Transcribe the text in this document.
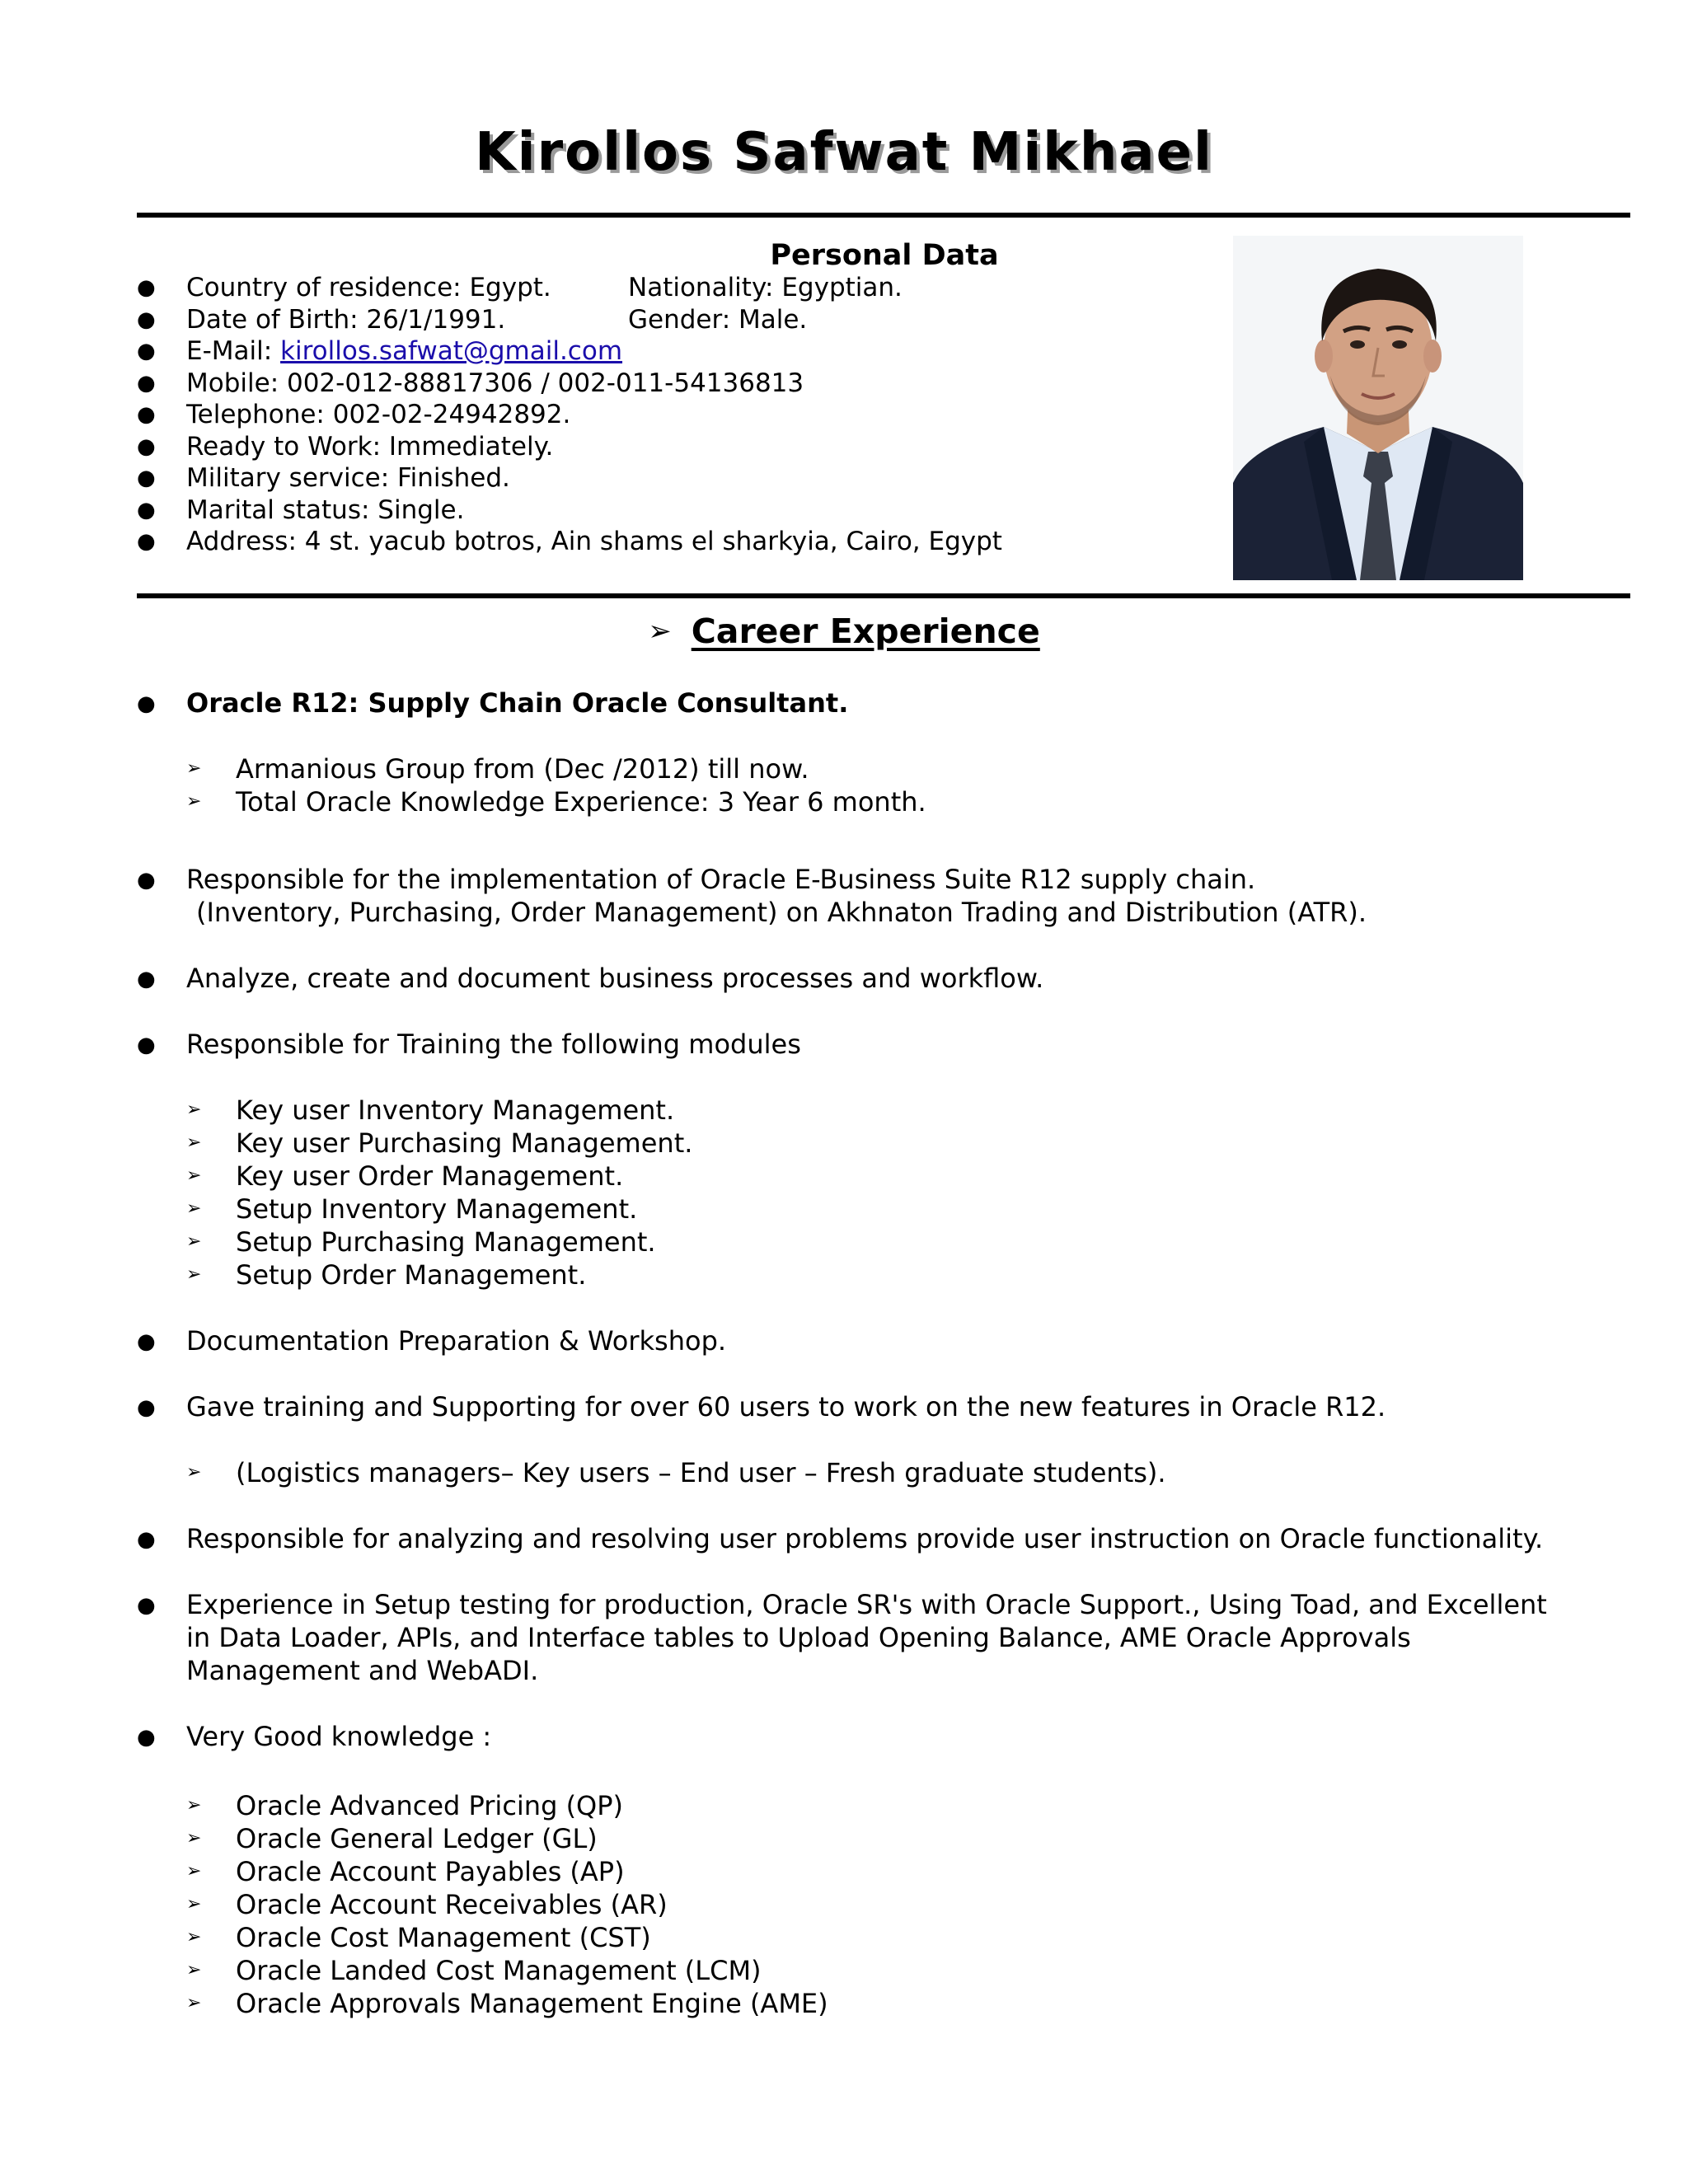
Kirollos Safwat Mikhael
Personal Data
● Country of residence: Egypt.	Nationality: Egyptian.
● Date of Birth: 26/1/1991.	Gender: Male.
● E-Mail: kirollos.safwat@gmail.com
● Mobile: 002-012-88817306 / 002-011-54136813
● Telephone: 002-02-24942892.
● Ready to Work: Immediately.
● Military service: Finished.
● Marital status: Single.
● Address: 4 st. yacub botros, Ain shams el sharkyia, Cairo, Egypt
➢ Career Experience
● Oracle R12: Supply Chain Oracle Consultant.
➢ Armanious Group from (Dec /2012) till now.
➢ Total Oracle Knowledge Experience: 3 Year 6 month.
● Responsible for the implementation of Oracle E-Business Suite R12 supply chain.
(Inventory, Purchasing, Order Management) on Akhnaton Trading and Distribution (ATR).
● Analyze, create and document business processes and workflow.
● Responsible for Training the following modules
➢ Key user Inventory Management.
➢ Key user Purchasing Management.
➢ Key user Order Management.
➢ Setup Inventory Management.
➢ Setup Purchasing Management.
➢ Setup Order Management.
● Documentation Preparation & Workshop.
● Gave training and Supporting for over 60 users to work on the new features in Oracle R12.
➢ (Logistics managers– Key users – End user – Fresh graduate students).
● Responsible for analyzing and resolving user problems provide user instruction on Oracle functionality.
● Experience in Setup testing for production, Oracle SR's with Oracle Support., Using Toad, and Excellent
in Data Loader, APIs, and Interface tables to Upload Opening Balance, AME Oracle Approvals
Management and WebADI.
● Very Good knowledge :
➢ Oracle Advanced Pricing (QP)
➢ Oracle General Ledger (GL)
➢ Oracle Account Payables (AP)
➢ Oracle Account Receivables (AR)
➢ Oracle Cost Management (CST)
➢ Oracle Landed Cost Management (LCM)
➢ Oracle Approvals Management Engine (AME)
